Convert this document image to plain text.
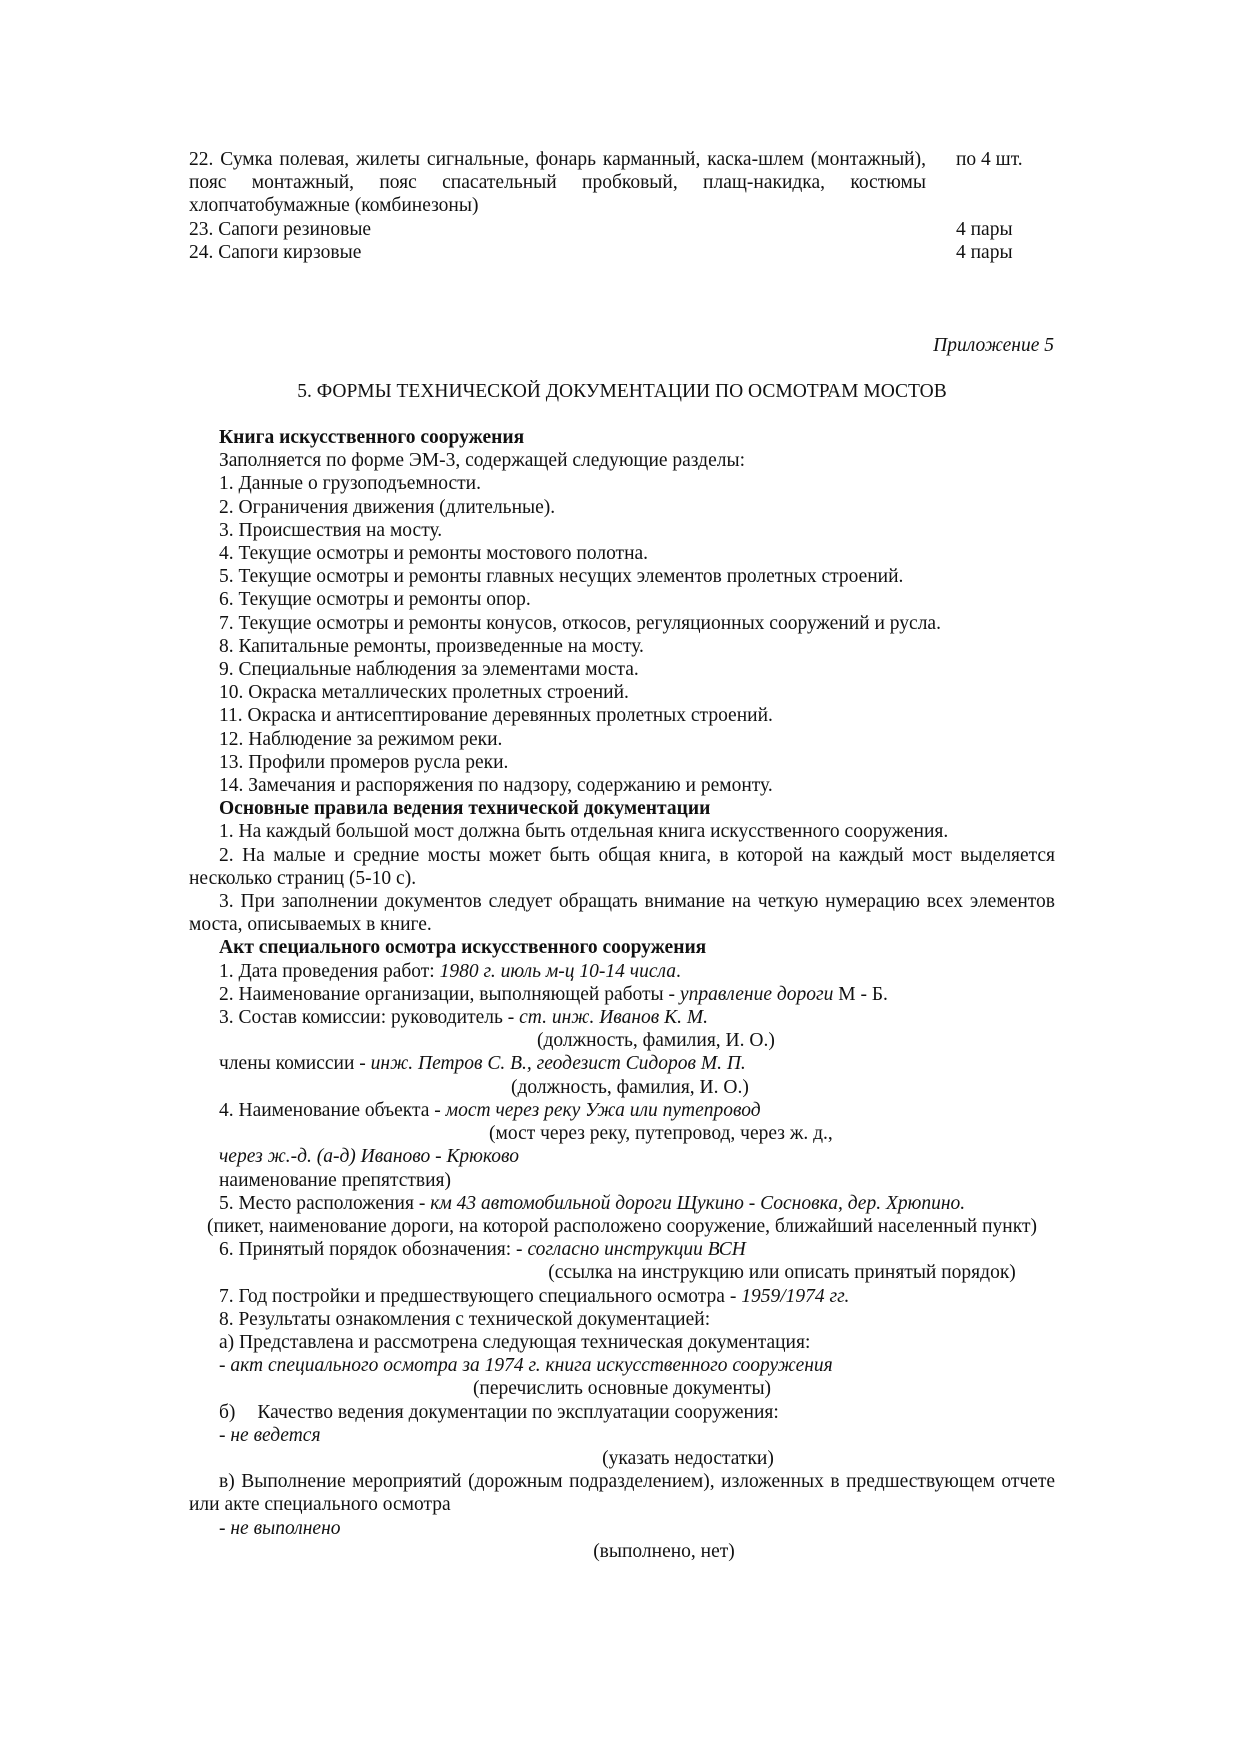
22. Сумка полевая, жилеты сигнальные, фонарь карманный, каска-шлем (монтажный), пояс монтажный, пояс спасательный пробковый, плащ-накидка, костюмы хлопчатобумажные (комбинезоны)	по 4 шт.
23. Сапоги резиновые	4 пары
24. Сапоги кирзовые	4 пары
Приложение 5
5. ФОРМЫ ТЕХНИЧЕСКОЙ ДОКУМЕНТАЦИИ ПО ОСМОТРАМ МОСТОВ

Книга искусственного сооружения

Заполняется по форме ЭМ-3, содержащей следующие разделы:

1. Данные о грузоподъемности.

2. Ограничения движения (длительные).

3. Происшествия на мосту.

4. Текущие осмотры и ремонты мостового полотна.

5. Текущие осмотры и ремонты главных несущих элементов пролетных строений.

6. Текущие осмотры и ремонты опор.

7. Текущие осмотры и ремонты конусов, откосов, регуляционных сооружений и русла.

8. Капитальные ремонты, произведенные на мосту.

9. Специальные наблюдения за элементами моста.

10. Окраска металлических пролетных строений.

11. Окраска и антисептирование деревянных пролетных строений.

12. Наблюдение за режимом реки.

13. Профили промеров русла реки.

14. Замечания и распоряжения по надзору, содержанию и ремонту.

Основные правила ведения технической документации

1. На каждый большой мост должна быть отдельная книга искусственного сооружения.

2. На малые и средние мосты может быть общая книга, в которой на каждый мост выделяется несколько страниц (5-10 с).

3. При заполнении документов следует обращать внимание на четкую нумерацию всех элементов моста, описываемых в книге.

Акт специального осмотра искусственного сооружения

1. Дата проведения работ: 1980 г. июль м-ц 10-14 числа.

2. Наименование организации, выполняющей работы - управление дороги М - Б.

3. Состав комиссии: руководитель - ст. инж. Иванов К. М.

(должность, фамилия, И. О.)

члены комиссии - инж. Петров С. В., геодезист Сидоров М. П.

(должность, фамилия, И. О.)

4. Наименование объекта - мост через реку Ужа или путепровод

(мост через реку, путепровод, через ж. д.,

через ж.-д. (а-д) Иваново - Крюково

наименование препятствия)

5. Место расположения - км 43 автомобильной дороги Щукино - Сосновка, дер. Хрюпино.

(пикет, наименование дороги, на которой расположено сооружение, ближайший населенный пункт)

6. Принятый порядок обозначения: - согласно инструкции ВСН

(ссылка на инструкцию или описать принятый порядок)

7. Год постройки и предшествующего специального осмотра - 1959/1974 гг.

8. Результаты ознакомления с технической документацией:

а) Представлена и рассмотрена следующая техническая документация:

- акт специального осмотра за 1974 г. книга искусственного сооружения

(перечислить основные документы)

б) Качество ведения документации по эксплуатации сооружения:

- не ведется

(указать недостатки)

в) Выполнение мероприятий (дорожным подразделением), изложенных в предшествующем отчете или акте специального осмотра

- не выполнено

(выполнено, нет)
